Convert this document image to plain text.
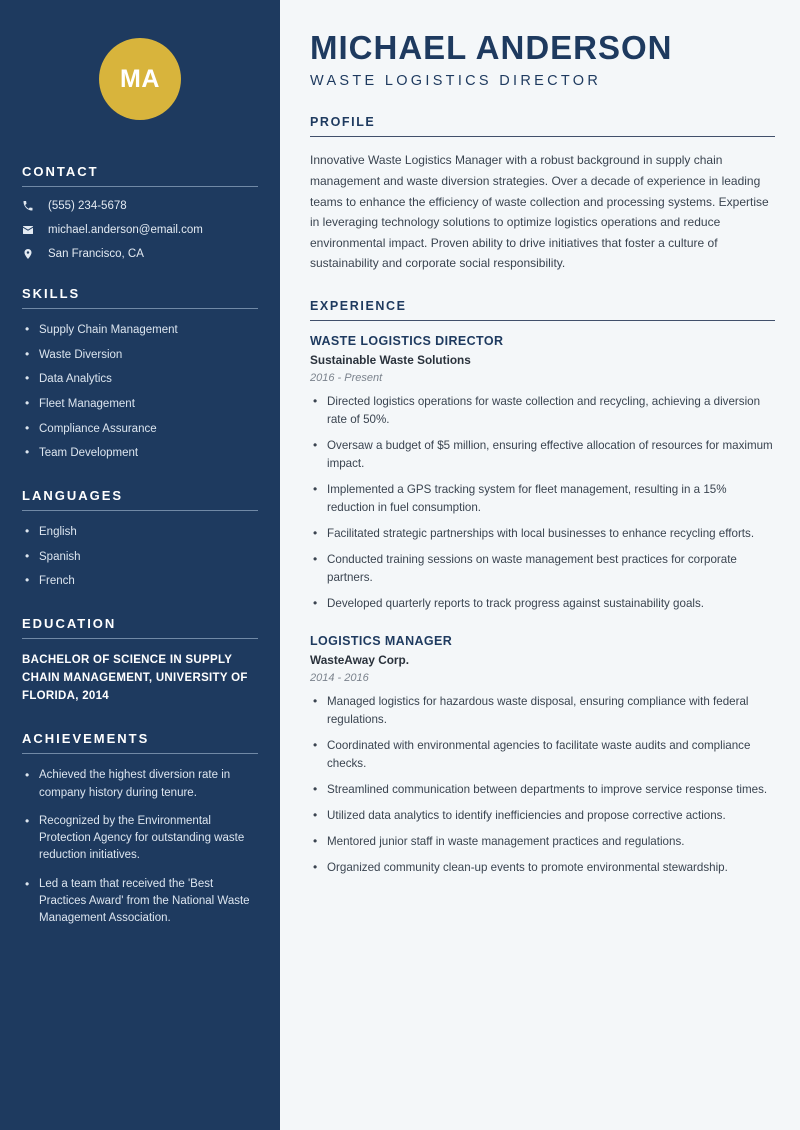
MA
CONTACT
(555) 234-5678
michael.anderson@email.com
San Francisco, CA
SKILLS
• Supply Chain Management
• Waste Diversion
• Data Analytics
• Fleet Management
• Compliance Assurance
• Team Development
LANGUAGES
• English
• Spanish
• French
EDUCATION
BACHELOR OF SCIENCE IN SUPPLY CHAIN MANAGEMENT, UNIVERSITY OF FLORIDA, 2014
ACHIEVEMENTS
• Achieved the highest diversion rate in company history during tenure.
• Recognized by the Environmental Protection Agency for outstanding waste reduction initiatives.
• Led a team that received the 'Best Practices Award' from the National Waste Management Association.
MICHAEL ANDERSON
WASTE LOGISTICS DIRECTOR
PROFILE

Innovative Waste Logistics Manager with a robust background in supply chain management and waste diversion strategies. Over a decade of experience in leading teams to enhance the efficiency of waste collection and processing systems. Expertise in leveraging technology solutions to optimize logistics operations and reduce environmental impact. Proven ability to drive initiatives that foster a culture of sustainability and corporate social responsibility.

EXPERIENCE
WASTE LOGISTICS DIRECTOR
Sustainable Waste Solutions
2016 - Present
• Directed logistics operations for waste collection and recycling, achieving a diversion rate of 50%.
• Oversaw a budget of $5 million, ensuring effective allocation of resources for maximum impact.
• Implemented a GPS tracking system for fleet management, resulting in a 15% reduction in fuel consumption.
• Facilitated strategic partnerships with local businesses to enhance recycling efforts.
• Conducted training sessions on waste management best practices for corporate partners.
• Developed quarterly reports to track progress against sustainability goals.
LOGISTICS MANAGER
WasteAway Corp.
2014 - 2016
• Managed logistics for hazardous waste disposal, ensuring compliance with federal regulations.
• Coordinated with environmental agencies to facilitate waste audits and compliance checks.
• Streamlined communication between departments to improve service response times.
• Utilized data analytics to identify inefficiencies and propose corrective actions.
• Mentored junior staff in waste management practices and regulations.
• Organized community clean-up events to promote environmental stewardship.
